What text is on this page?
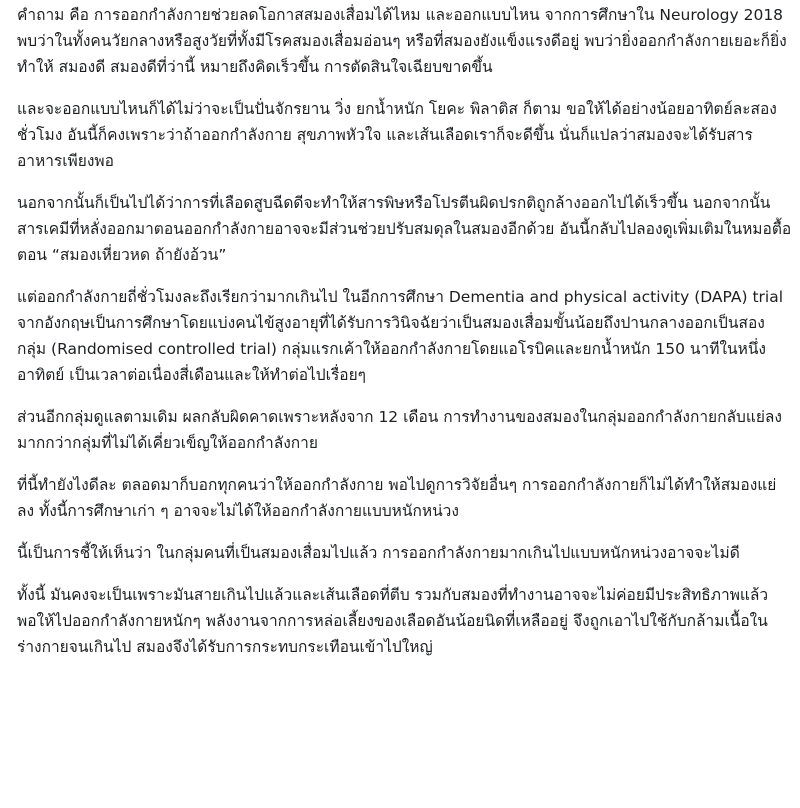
คำถาม คือ การออกกำลังกายช่วยลดโอกาสสมองเสื่อมได้ไหม และออกแบบไหน จากการศึกษาใน Neurology 2018 พบว่าในทั้งคนวัยกลางหรือสูงวัยที่ทั้งมีโรคสมองเสื่อมอ่อนๆ หรือที่สมองยังแข็งแรงดีอยู่ พบว่ายิ่งออกกำลังกายเยอะก็ยิ่งทำให้ สมองดี สมองดีที่ว่านี้ หมายถึงคิดเร็วขึ้น การตัดสินใจเฉียบขาดขึ้น

และจะออกแบบไหนก็ได้ไม่ว่าจะเป็นปั่นจักรยาน วิ่ง ยกน้ำหนัก โยคะ พิลาติส ก็ตาม ขอให้ได้อย่างน้อยอาทิตย์ละสองชั่วโมง อันนี้ก็คงเพราะว่าถ้าออกกำลังกาย สุขภาพหัวใจ และเส้นเลือดเราก็จะดีขึ้น นั่นก็แปลว่าสมองจะได้รับสารอาหารเพียงพอ

นอกจากนั้นก็เป็นไปได้ว่าการที่เลือดสูบฉีดดีจะทำให้สารพิษหรือโปรตีนผิดปรกติถูกล้างออกไปได้เร็วขึ้น นอกจากนั้นสารเคมีที่หลั่งออกมาตอนออกกำลังกายอาจจะมีส่วนช่วยปรับสมดุลในสมองอีกด้วย อันนี้กลับไปลองดูเพิ่มเติมในหมอตื้อตอน “สมองเหี่ยวหด ถ้ายังอ้วน”

แต่ออกกำลังกายถี่ชั่วโมงละถึงเรียกว่ามากเกินไป ในอีกการศึกษา Dementia and physical activity (DAPA) trial จากอังกฤษเป็นการศึกษาโดยแบ่งคนไข้สูงอายุที่ได้รับการวินิจฉัยว่าเป็นสมองเสื่อมขั้นน้อยถึงปานกลางออกเป็นสองกลุ่ม (Randomised controlled trial) กลุ่มแรกเค้าให้ออกกำลังกายโดยแอโรบิคและยกน้ำหนัก 150 นาทีในหนึ่งอาทิตย์ เป็นเวลาต่อเนื่องสี่เดือนและให้ทำต่อไปเรื่อยๆ

ส่วนอีกกลุ่มดูแลตามเดิม ผลกลับผิดคาดเพราะหลังจาก 12 เดือน การทำงานของสมองในกลุ่มออกกำลังกายกลับแย่ลงมากกว่ากลุ่มที่ไม่ได้เคี่ยวเข็ญให้ออกกำลังกาย

ที่นี้ทำยังไงดีละ ตลอดมาก็บอกทุกคนว่าให้ออกกำลังกาย พอไปดูการวิจัยอื่นๆ การออกกำลังกายก็ไม่ได้ทำให้สมองแย่ลง ทั้งนี้การศึกษาเก่า ๆ อาจจะไม่ได้ให้ออกกำลังกายแบบหนักหน่วง

นี้เป็นการชี้ให้เห็นว่า ในกลุ่มคนที่เป็นสมองเสื่อมไปแล้ว การออกกำลังกายมากเกินไปแบบหนักหน่วงอาจจะไม่ดี

ทั้งนี้ มันคงจะเป็นเพราะมันสายเกินไปแล้วและเส้นเลือดที่ตีบ รวมกับสมองที่ทำงานอาจจะไม่ค่อยมีประสิทธิภาพแล้ว พอให้ไปออกกำลังกายหนักๆ พลังงานจากการหล่อเลี้ยงของเลือดอันน้อยนิดที่เหลืออยู่ จึงถูกเอาไปใช้กับกล้ามเนื้อในร่างกายจนเกินไป สมองจึงได้รับการกระทบกระเทือนเข้าไปใหญ่
